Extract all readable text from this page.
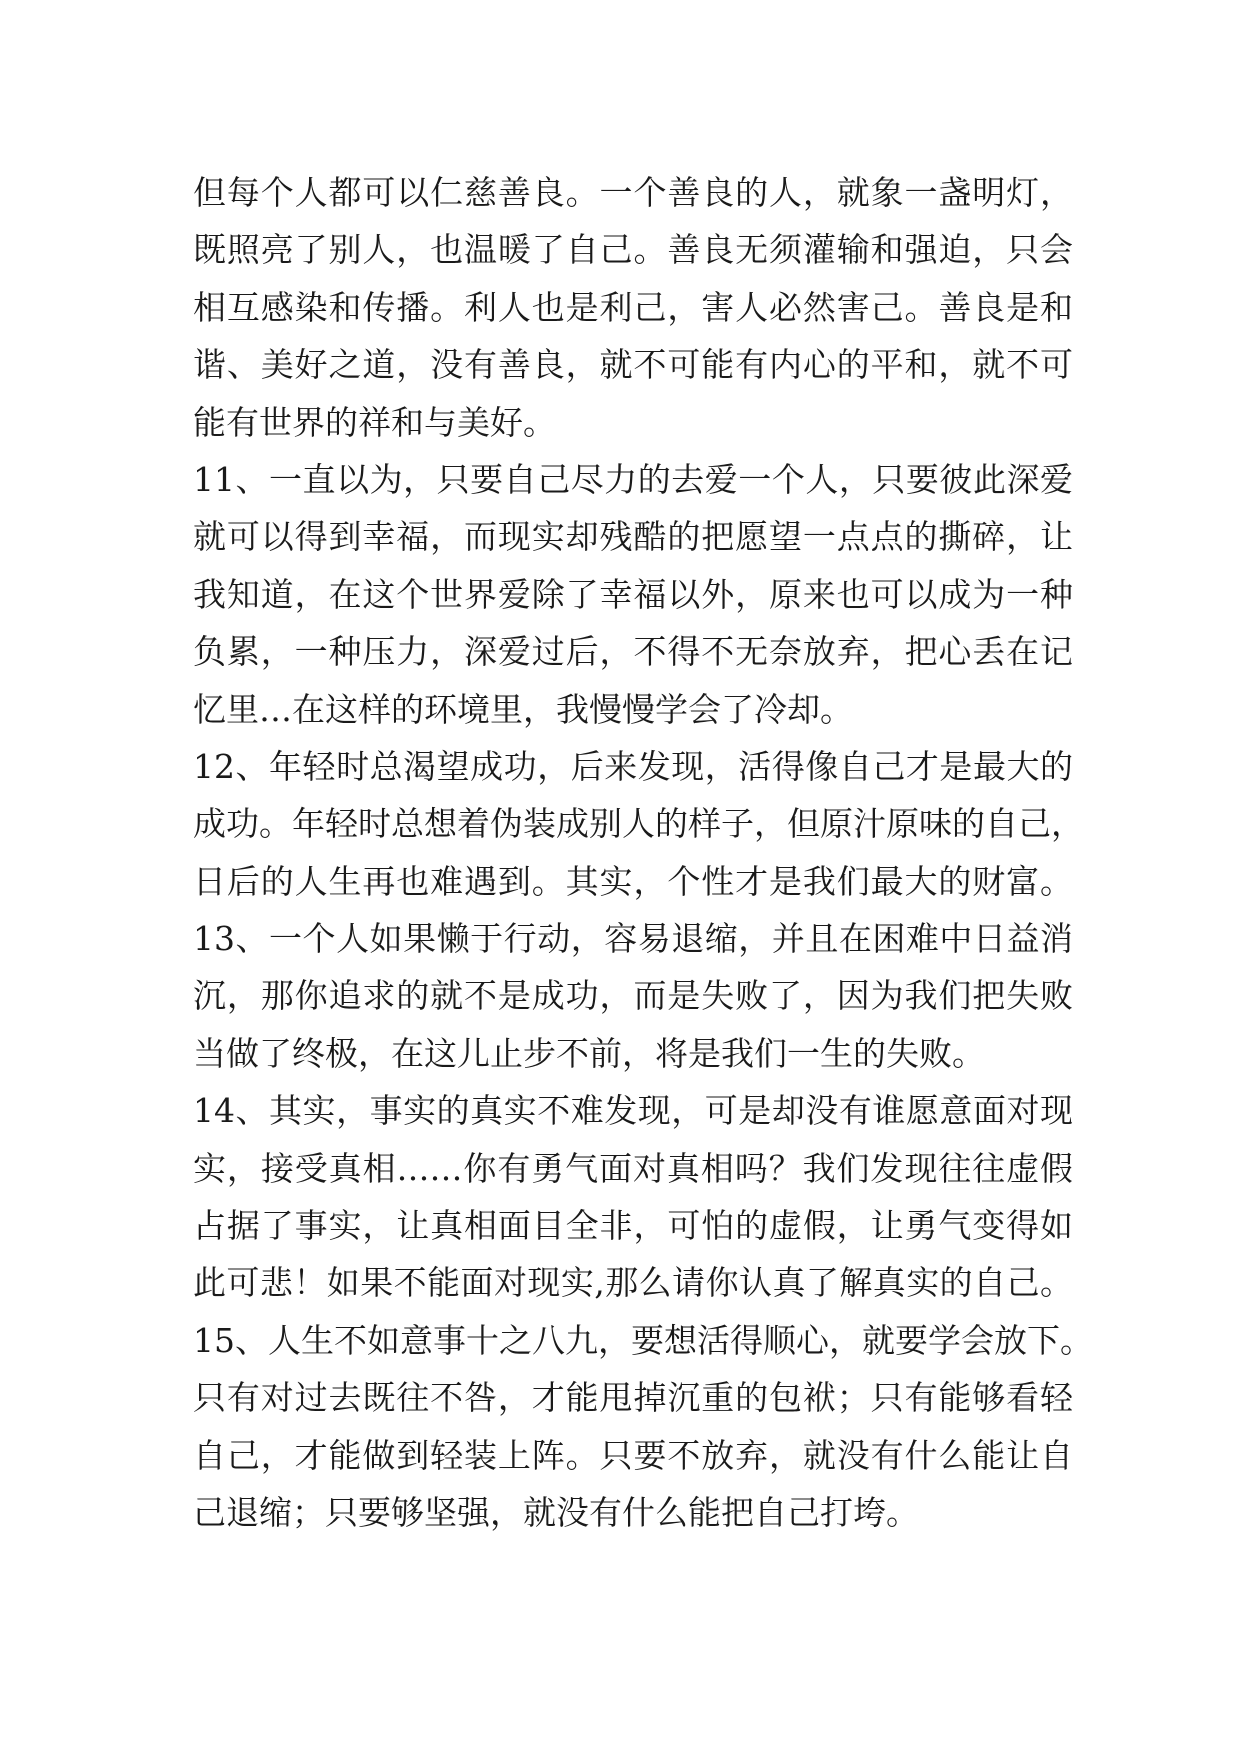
但每个人都可以仁慈善良。一个善良的人，就象一盏明灯，
既照亮了别人，也温暖了自己。善良无须灌输和强迫，只会
相互感染和传播。利人也是利己，害人必然害己。善良是和
谐、美好之道，没有善良，就不可能有内心的平和，就不可
能有世界的祥和与美好。
11、一直以为，只要自己尽力的去爱一个人，只要彼此深爱
就可以得到幸福，而现实却残酷的把愿望一点点的撕碎，让
我知道，在这个世界爱除了幸福以外，原来也可以成为一种
负累，一种压力，深爱过后，不得不无奈放弃，把心丢在记
忆里…在这样的环境里，我慢慢学会了冷却。
12、年轻时总渴望成功，后来发现，活得像自己才是最大的
成功。年轻时总想着伪装成别人的样子，但原汁原味的自己，
日后的人生再也难遇到。其实，个性才是我们最大的财富。
13、一个人如果懒于行动，容易退缩，并且在困难中日益消
沉，那你追求的就不是成功，而是失败了，因为我们把失败
当做了终极，在这儿止步不前，将是我们一生的失败。
14、其实，事实的真实不难发现，可是却没有谁愿意面对现
实，接受真相……你有勇气面对真相吗？我们发现往往虚假
占据了事实，让真相面目全非，可怕的虚假，让勇气变得如
此可悲！如果不能面对现实,那么请你认真了解真实的自己。
15、人生不如意事十之八九，要想活得顺心，就要学会放下。
只有对过去既往不咎，才能甩掉沉重的包袱；只有能够看轻
自己，才能做到轻装上阵。只要不放弃，就没有什么能让自
己退缩；只要够坚强，就没有什么能把自己打垮。
